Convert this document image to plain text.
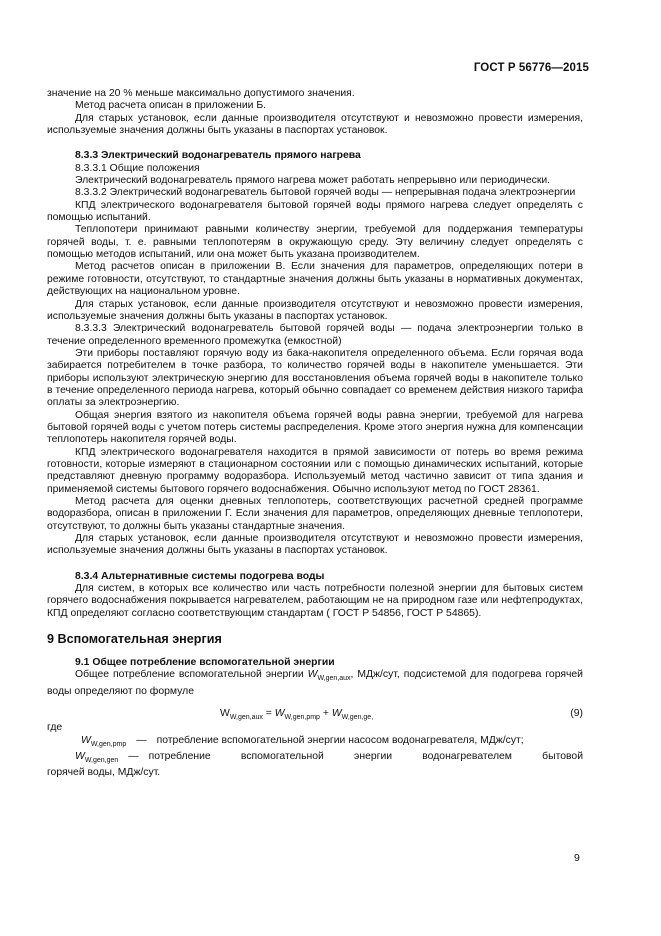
ГОСТ Р 56776—2015

значение на 20 % меньше максимально допустимого значения.

Метод расчета описан в приложении Б.

Для старых установок, если данные производителя отсутствуют и невозможно провести измерения, используемые значения должны быть указаны в паспортах установок.

8.3.3 Электрический водонагреватель прямого нагрева

8.3.3.1 Общие положения

Электрический водонагреватель прямого нагрева может работать непрерывно или периодически.

8.3.3.2 Электрический водонагреватель бытовой горячей воды — непрерывная подача электроэнергии

КПД электрического водонагревателя бытовой горячей воды прямого нагрева следует определять с помощью испытаний.

Теплопотери принимают равными количеству энергии, требуемой для поддержания температуры горячей воды, т. е. равными теплопотерям в окружающую среду. Эту величину следует определять с помощью методов испытаний, или она может быть указана производителем.

Метод расчетов описан в приложении В. Если значения для параметров, определяющих потери в режиме готовности, отсутствуют, то стандартные значения должны быть указаны в нормативных документах, действующих на национальном уровне.

Для старых установок, если данные производителя отсутствуют и невозможно провести измерения, используемые значения должны быть указаны в паспортах установок.

8.3.3.3 Электрический водонагреватель бытовой горячей воды — подача электроэнергии только в течение определенного временного промежутка (емкостной)

Эти приборы поставляют горячую воду из бака-накопителя определенного объема. Если горячая вода забирается потребителем в точке разбора, то количество горячей воды в накопителе уменьшается. Эти приборы используют электрическую энергию для восстановления объема горячей воды в накопителе только в течение определенного периода нагрева, который обычно совпадает со временем действия низкого тарифа оплаты за электроэнергию.

Общая энергия взятого из накопителя объема горячей воды равна энергии, требуемой для нагрева бытовой горячей воды с учетом потерь системы распределения. Кроме этого энергия нужна для компенсации теплопотерь накопителя горячей воды.

КПД электрического водонагревателя находится в прямой зависимости от потерь во время режима готовности, которые измеряют в стационарном состоянии или с помощью динамических испытаний, которые представляют дневную программу водоразбора. Используемый метод частично зависит от типа здания и применяемой системы бытового горячего водоснабжения. Обычно используют метод по ГОСТ 28361.

Метод расчета для оценки дневных теплопотерь, соответствующих расчетной средней программе водоразбора, описан в приложении Г. Если значения для параметров, определяющих дневные теплопотери, отсутствуют, то должны быть указаны стандартные значения.

Для старых установок, если данные производителя отсутствуют и невозможно провести измерения, используемые значения должны быть указаны в паспортах установок.

8.3.4 Альтернативные системы подогрева воды

Для систем, в которых все количество или часть потребности полезной энергии для бытовых систем горячего водоснабжения покрывается нагревателем, работающим не на природном газе или нефтепродуктах, КПД определяют согласно соответствующим стандартам ( ГОСТ Р 54856, ГОСТ Р 54865).

9 Вспомогательная энергия

9.1 Общее потребление вспомогательной энергии

Общее потребление вспомогательной энергии $W_{W,gen,aux}$, МДж/сут, подсистемой для подогрева горячей воды определяют по формуле

$W_{W,gen,aux} = W_{W,gen,pmp} + W_{W,gen,ge,}$	(9)

где

$W_{W,gen,pmp}$ — потребление вспомогательной энергии насосом водонагревателя, МДж/сут;
$W_{W,gen,gen}$ — потребление вспомогательной энергии водонагревателем бытовой

горячей воды, МДж/сут.

9
